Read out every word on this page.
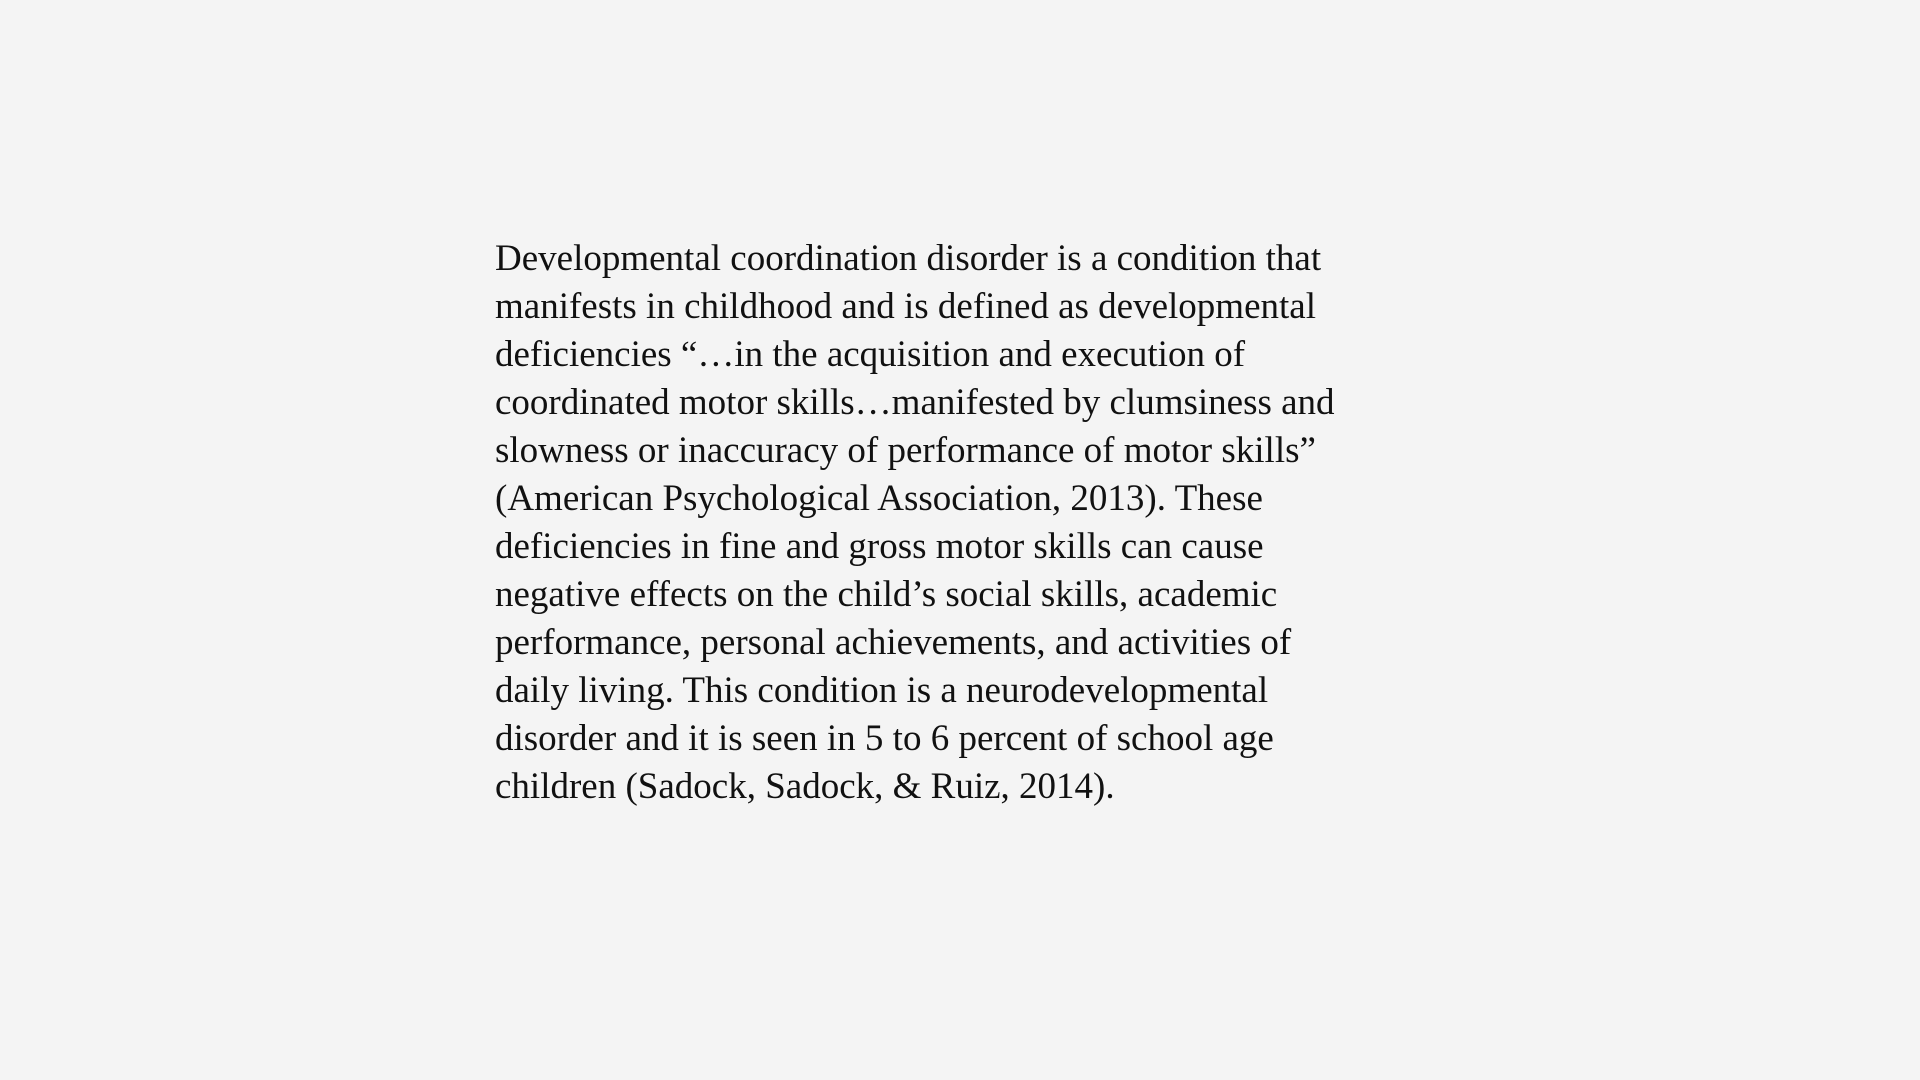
Developmental coordination disorder is a condition that
manifests in childhood and is defined as developmental
deficiencies “…in the acquisition and execution of
coordinated motor skills…manifested by clumsiness and
slowness or inaccuracy of performance of motor skills”
(American Psychological Association, 2013). These
deficiencies in fine and gross motor skills can cause
negative effects on the child’s social skills, academic
performance, personal achievements, and activities of
daily living. This condition is a neurodevelopmental
disorder and it is seen in 5 to 6 percent of school age
children (Sadock, Sadock, & Ruiz, 2014).
